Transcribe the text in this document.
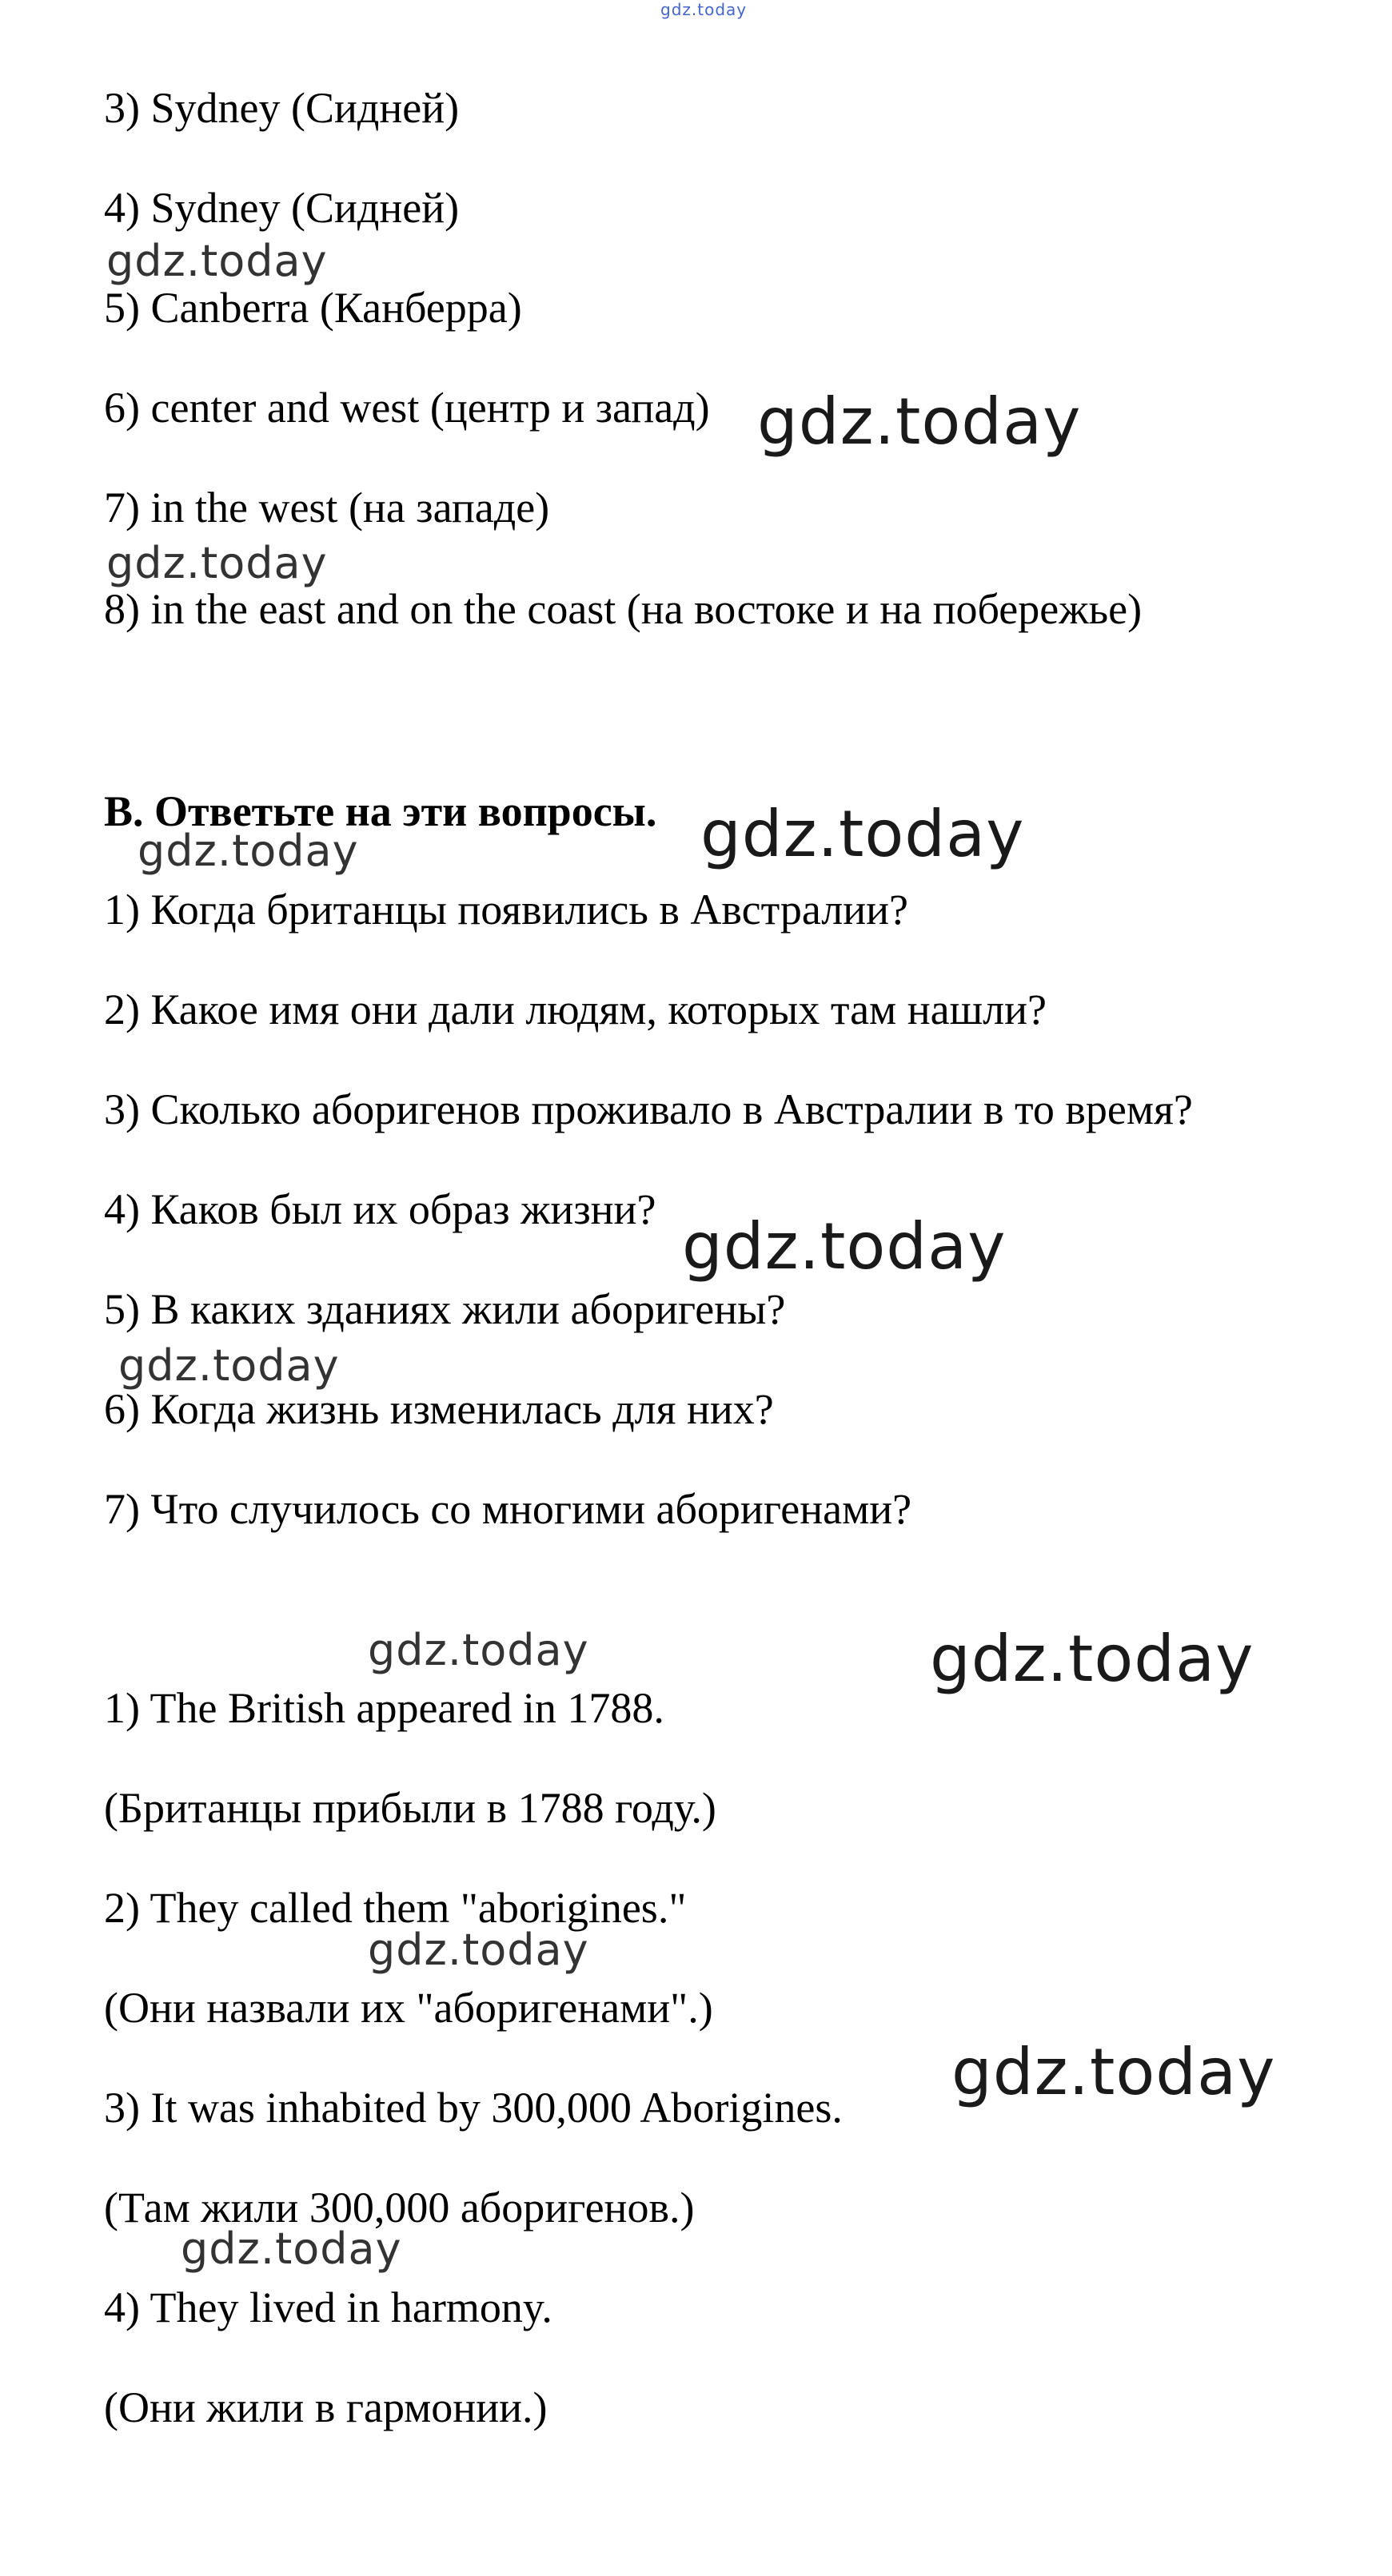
gdz.today
3) Sydney (Сидней)
4) Sydney (Сидней)
gdz.today
5) Canberra (Канберра)
6) center and west (центр и запад) gdz.today
7) in the west (на западе)
gdz.today
8) in the east and on the coast (на востоке и на побережье)
B. Ответьте на эти вопросы.
gdz.today	gdz.today
1) Когда британцы появились в Австралии?
2) Какое имя они дали людям, которых там нашли?
3) Сколько аборигенов проживало в Австралии в то время?
4) Каков был их образ жизни? gdz.today
5) В каких зданиях жили аборигены?
gdz.today
6) Когда жизнь изменилась для них?
7) Что случилось со многими аборигенами?
gdz.today	gdz.today
1) The British appeared in 1788.
(Британцы прибыли в 1788 году.)
2) They called them "aborigines."
gdz.today
(Они назвали их "аборигенами".)
gdz.today
3) It was inhabited by 300,000 Aborigines.
(Там жили 300,000 аборигенов.)
gdz.today
4) They lived in harmony.
(Они жили в гармонии.)
